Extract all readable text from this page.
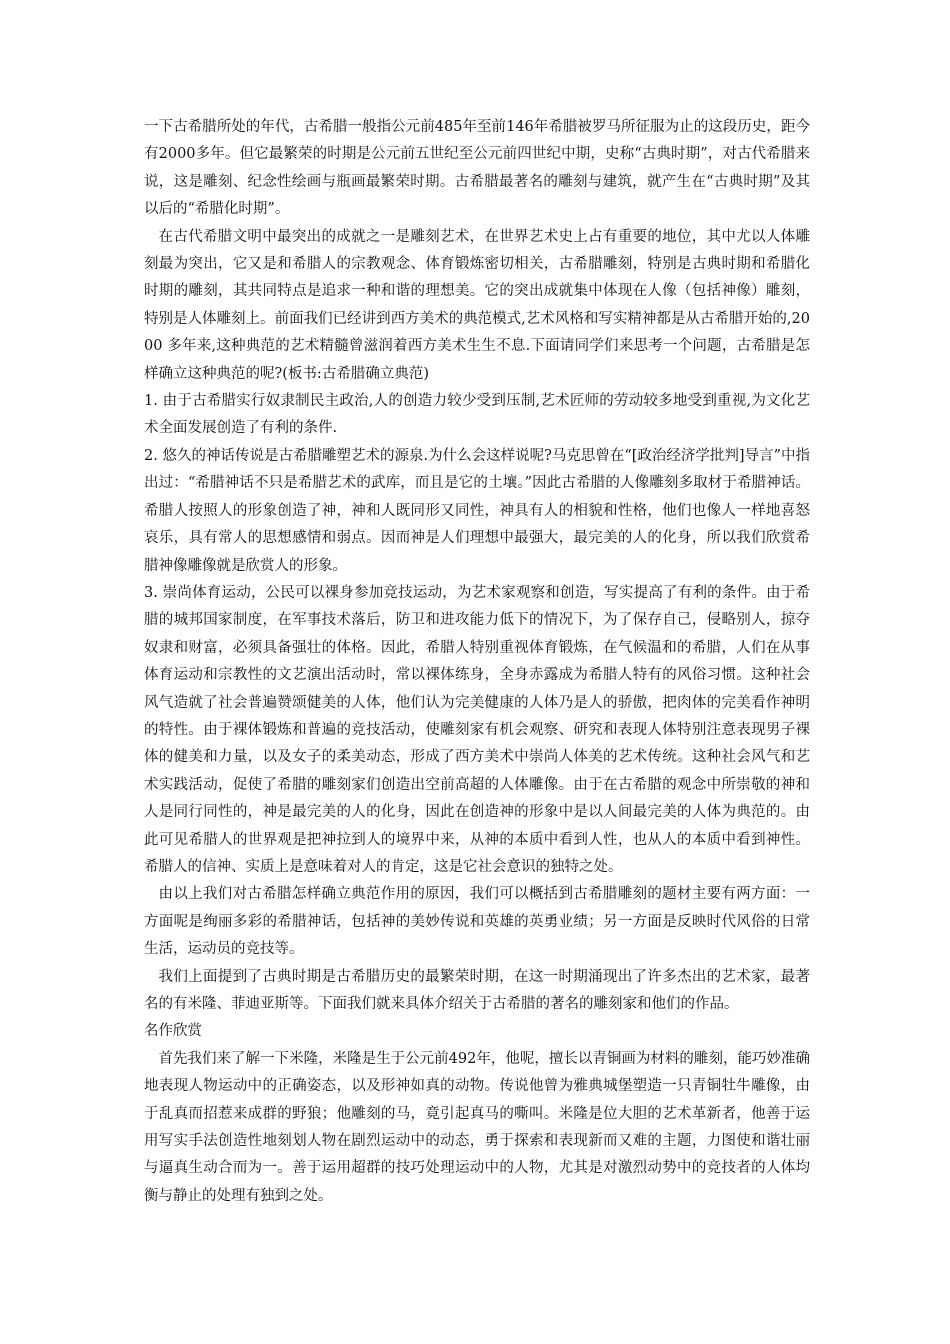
一下古希腊所处的年代，古希腊一般指公元前485年至前146年希腊被罗马所征服为止的这段历史，距今有2000多年。但它最繁荣的时期是公元前五世纪至公元前四世纪中期，史称“古典时期”，对古代希腊来说，这是雕刻、纪念性绘画与瓶画最繁荣时期。古希腊最著名的雕刻与建筑，就产生在“古典时期”及其以后的“希腊化时期”。

在古代希腊文明中最突出的成就之一是雕刻艺术，在世界艺术史上占有重要的地位，其中尤以人体雕刻最为突出，它又是和希腊人的宗教观念、体育锻炼密切相关，古希腊雕刻，特别是古典时期和希腊化时期的雕刻，其共同特点是追求一种和谐的理想美。它的突出成就集中体现在人像（包括神像）雕刻，特别是人体雕刻上。前面我们已经讲到西方美术的典范模式,艺术风格和写实精神都是从古希腊开始的,2000 多年来,这种典范的艺术精髓曾滋润着西方美术生生不息.下面请同学们来思考一个问题，古希腊是怎样确立这种典范的呢?(板书:古希腊确立典范)

1. 由于古希腊实行奴隶制民主政治,人的创造力较少受到压制,艺术匠师的劳动较多地受到重视,为文化艺术全面发展创造了有利的条件.

2. 悠久的神话传说是古希腊雕塑艺术的源泉.为什么会这样说呢?马克思曾在“[政治经济学批判]导言”中指出过：“希腊神话不只是希腊艺术的武库，而且是它的土壤。”因此古希腊的人像雕刻多取材于希腊神话。希腊人按照人的形象创造了神，神和人既同形又同性，神具有人的相貌和性格，他们也像人一样地喜怒哀乐，具有常人的思想感情和弱点。因而神是人们理想中最强大，最完美的人的化身，所以我们欣赏希腊神像雕像就是欣赏人的形象。

3. 崇尚体育运动，公民可以裸身参加竞技运动，为艺术家观察和创造，写实提高了有利的条件。由于希腊的城邦国家制度，在军事技术落后，防卫和进攻能力低下的情况下，为了保存自己，侵略别人，掠夺奴隶和财富，必须具备强壮的体格。因此，希腊人特别重视体育锻炼，在气候温和的希腊，人们在从事体育运动和宗教性的文艺演出活动时，常以裸体练身，全身赤露成为希腊人特有的风俗习惯。这种社会风气造就了社会普遍赞颂健美的人体，他们认为完美健康的人体乃是人的骄傲，把肉体的完美看作神明的特性。由于裸体锻炼和普遍的竞技活动，使雕刻家有机会观察、研究和表现人体特别注意表现男子裸体的健美和力量，以及女子的柔美动态，形成了西方美术中崇尚人体美的艺术传统。这种社会风气和艺术实践活动，促使了希腊的雕刻家们创造出空前高超的人体雕像。由于在古希腊的观念中所崇敬的神和人是同行同性的，神是最完美的人的化身，因此在创造神的形象中是以人间最完美的人体为典范的。由此可见希腊人的世界观是把神拉到人的境界中来，从神的本质中看到人性，也从人的本质中看到神性。希腊人的信神、实质上是意味着对人的肯定，这是它社会意识的独特之处。

由以上我们对古希腊怎样确立典范作用的原因，我们可以概括到古希腊雕刻的题材主要有两方面：一方面呢是绚丽多彩的希腊神话，包括神的美妙传说和英雄的英勇业绩；另一方面是反映时代风俗的日常生活，运动员的竞技等。

我们上面提到了古典时期是古希腊历史的最繁荣时期，在这一时期涌现出了许多杰出的艺术家，最著名的有米隆、菲迪亚斯等。下面我们就来具体介绍关于古希腊的著名的雕刻家和他们的作品。

名作欣赏

首先我们来了解一下米隆，米隆是生于公元前492年，他呢，擅长以青铜画为材料的雕刻，能巧妙准确地表现人物运动中的正确姿态，以及形神如真的动物。传说他曾为雅典城堡塑造一只青铜牡牛雕像，由于乱真而招惹来成群的野狼；他雕刻的马，竟引起真马的嘶叫。米隆是位大胆的艺术革新者，他善于运用写实手法创造性地刻划人物在剧烈运动中的动态，勇于探索和表现新而又难的主题，力图使和谐壮丽与逼真生动合而为一。善于运用超群的技巧处理运动中的人物，尤其是对激烈动势中的竞技者的人体均衡与静止的处理有独到之处。
